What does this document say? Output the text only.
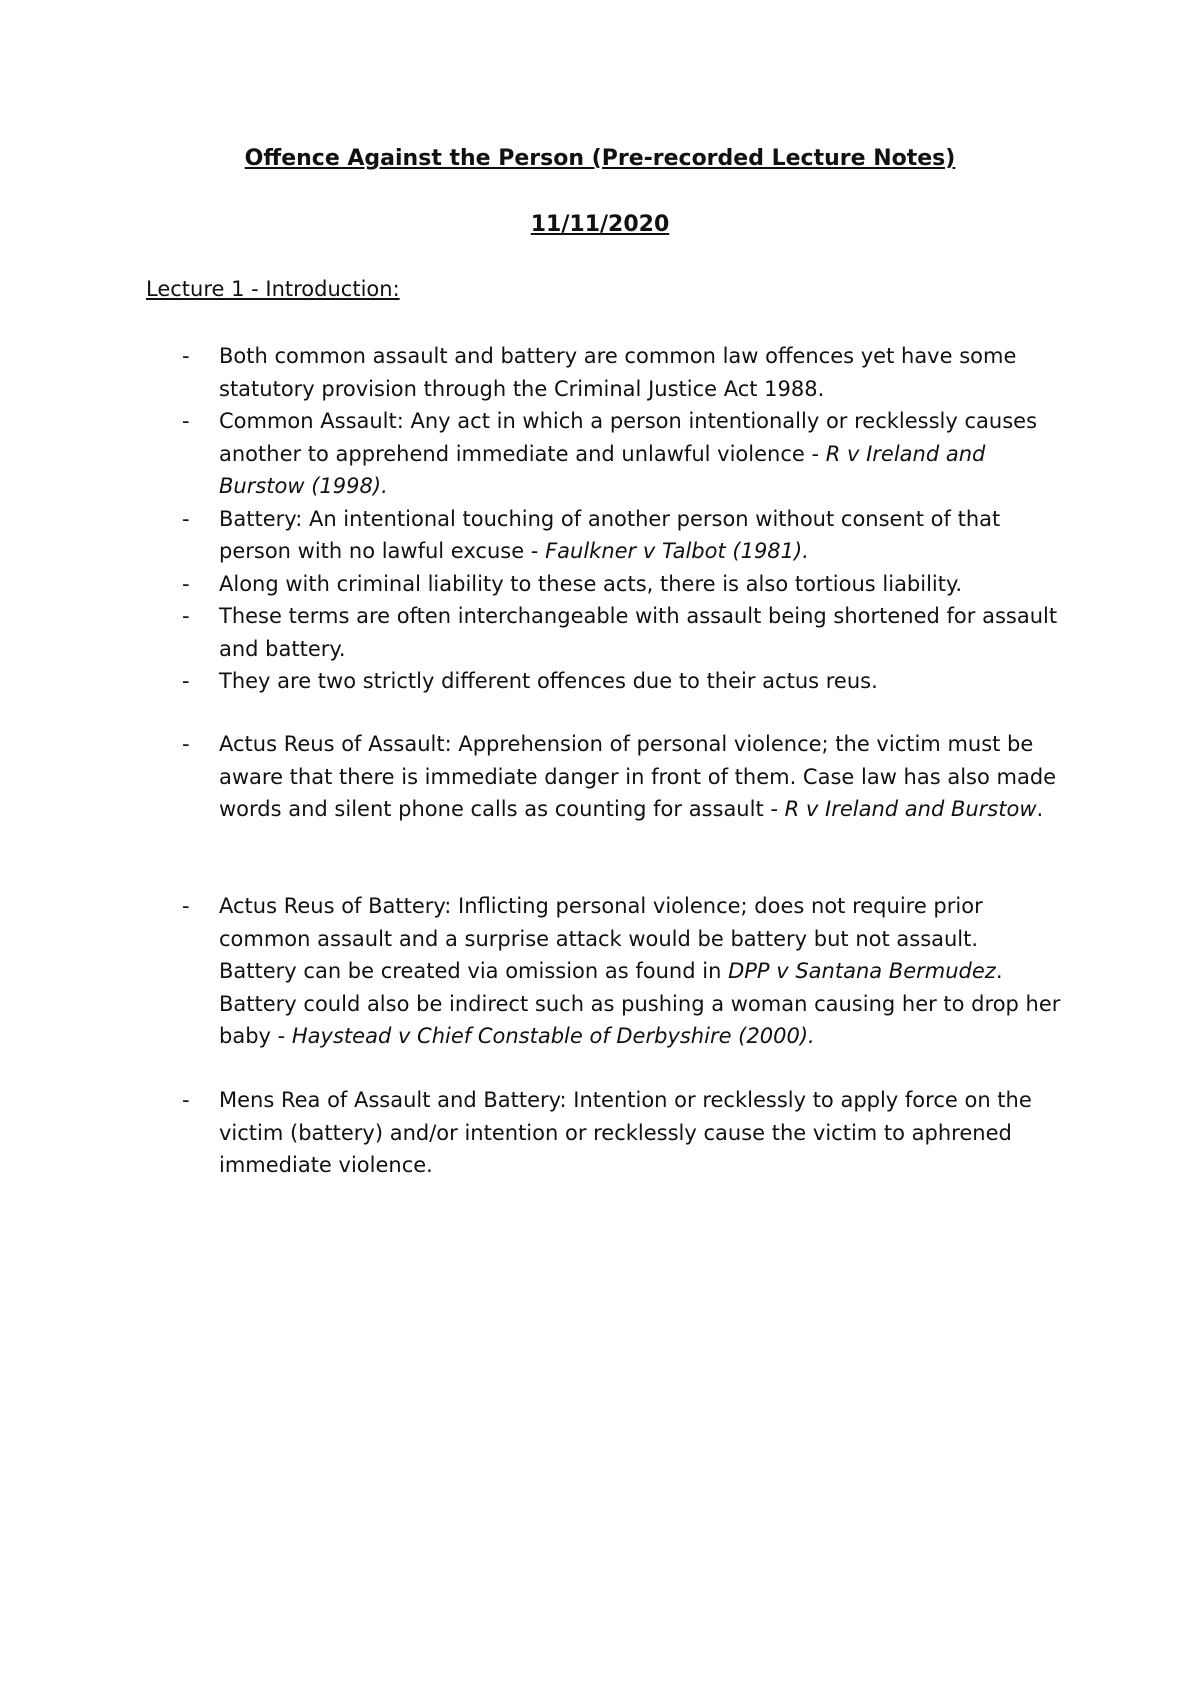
Offence Against the Person (Pre-recorded Lecture Notes)
11/11/2020
Lecture 1 - Introduction:
- Both common assault and battery are common law offences yet have some statutory provision through the Criminal Justice Act 1988.
- Common Assault: Any act in which a person intentionally or recklessly causes another to apprehend immediate and unlawful violence - R v Ireland and Burstow (1998).
- Battery: An intentional touching of another person without consent of that person with no lawful excuse - Faulkner v Talbot (1981).
- Along with criminal liability to these acts, there is also tortious liability.
- These terms are often interchangeable with assault being shortened for assault and battery.
- They are two strictly different offences due to their actus reus.
- Actus Reus of Assault: Apprehension of personal violence; the victim must be aware that there is immediate danger in front of them. Case law has also made words and silent phone calls as counting for assault - R v Ireland and Burstow.
- Actus Reus of Battery: Inflicting personal violence; does not require prior common assault and a surprise attack would be battery but not assault. Battery can be created via omission as found in DPP v Santana Bermudez. Battery could also be indirect such as pushing a woman causing her to drop her baby - Haystead v Chief Constable of Derbyshire (2000).
- Mens Rea of Assault and Battery: Intention or recklessly to apply force on the victim (battery) and/or intention or recklessly cause the victim to aphrened immediate violence.
